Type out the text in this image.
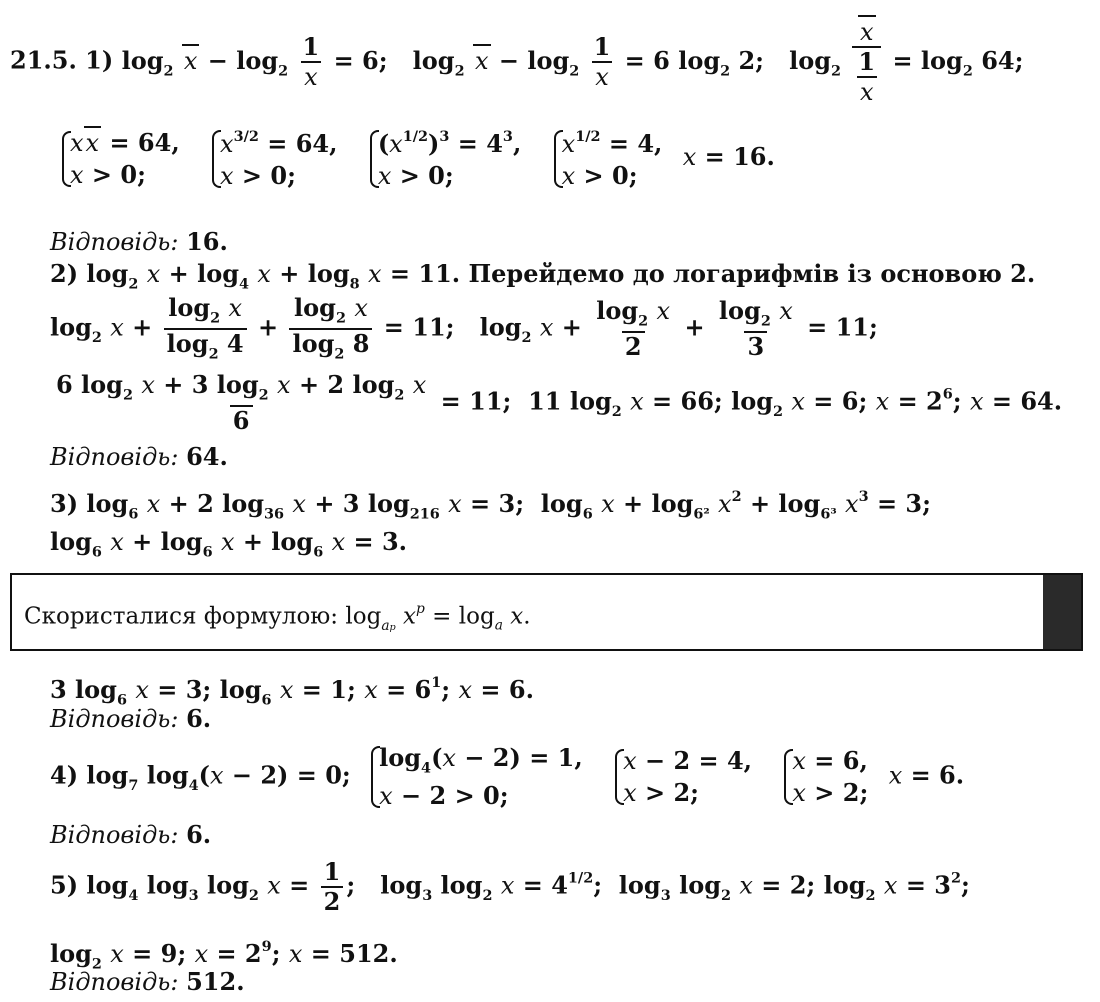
21.5. 1) $\log_2 x - \log_2 \frac{1}{x} = 6$;   $\log_2 x - \log_2 \frac{1}{x} = 6$ $\log_2 2$;   $\log_2 \frac{x}{\frac{1}{x}} = \log_2 64$;
xx = 64,
x > 0;

$x^{3/2} = 64$,
x > 0;

$(x^{1/2})^3 = 4^3$,
x > 0;

$x^{1/2} = 4$,
x > 0;
x = 16.
Відповідь: 16.
2) $\log_2 x + \log_4 x + \log_8 x = 11$. Перейдемо до логарифмів із основою 2.
$\log_2 x + \frac{\log_2 x}{\log_2 4} + \frac{\log_2 x}{\log_2 8} = 11$;   $\log_2 x + \frac{\log_2 x}{2} + \frac{\log_2 x}{3} = 11$;
$\frac{6 \log_2 x + 3 \log_2 x + 2 \log_2 x}{6} = 11$;  11 $\log_2 x = 66$; $\log_2 x = 6$; $x = 2^6$; x = 64.
Відповідь: 64.
3) $\log_6 x + 2$ $\log_{36} x + 3$ $\log_{216} x = 3$;  $\log_6 x + \log_{6^2} x^2 + \log_{6^3} x^3 = 3$;
$\log_6 x + \log_6 x + \log_6 x = 3$.
Скористалися формулою: $\log_{ap} x^p = \log_a x$.
3 $\log_6 x = 3$; $\log_6 x = 1$; $x = 6^1$; x = 6.
Відповідь: 6.
4) $\log_7 \log_4(x - 2) = 0$;
$\log_4(x - 2) = 1$,
x − 2 > 0;

x − 2 = 4,
x > 2;

x = 6,
x > 2;
x = 6.
Відповідь: 6.
5) $\log_4 \log_3 \log_2 x = \frac{1}{2}$ ;   $\log_3 \log_2 x = 4^{1/2}$;  $\log_3 \log_2 x = 2$; $\log_2 x = 3^2$;
$\log_2 x = 9$; $x = 2^9$; x = 512.
Відповідь: 512.
